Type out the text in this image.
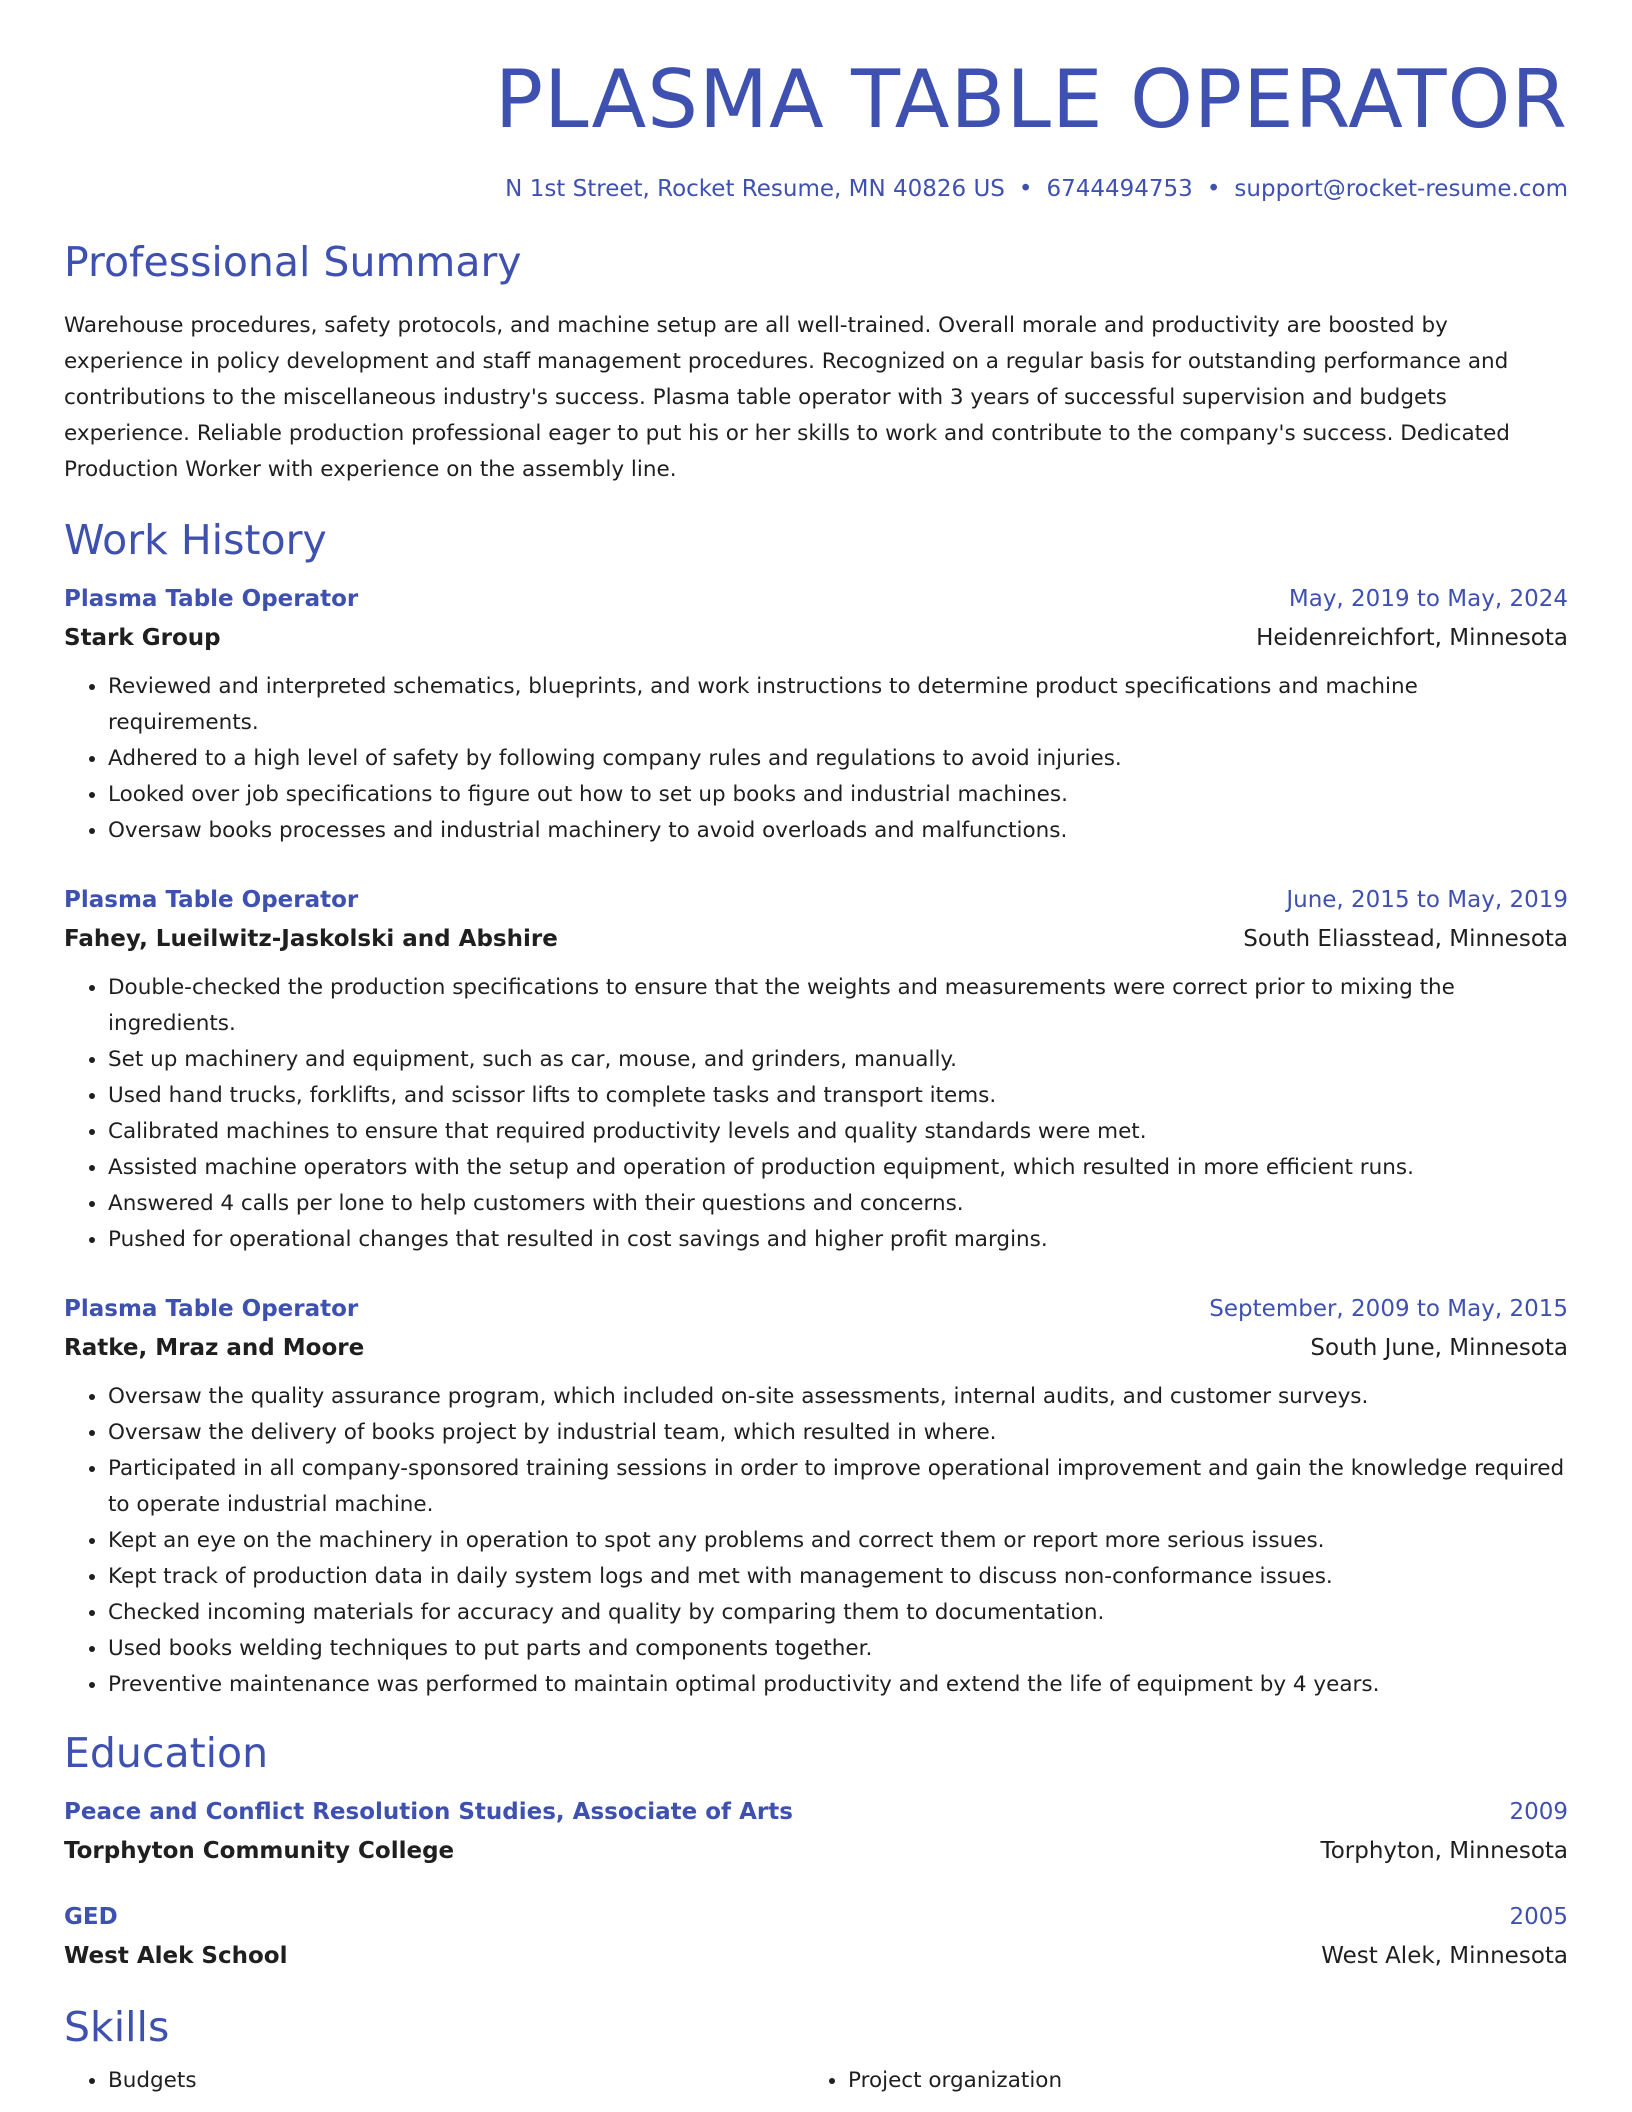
PLASMA TABLE OPERATOR
N 1st Street, Rocket Resume, MN 40826 US • 6744494753 • support@rocket-resume.com
Professional Summary
Warehouse procedures, safety protocols, and machine setup are all well-trained. Overall morale and productivity are boosted by experience in policy development and staff management procedures. Recognized on a regular basis for outstanding performance and contributions to the miscellaneous industry's success. Plasma table operator with 3 years of successful supervision and budgets experience. Reliable production professional eager to put his or her skills to work and contribute to the company's success. Dedicated Production Worker with experience on the assembly line.
Work History
Plasma Table Operator	May, 2019 to May, 2024
Stark Group	Heidenreichfort, Minnesota
• Reviewed and interpreted schematics, blueprints, and work instructions to determine product specifications and machine requirements.
• Adhered to a high level of safety by following company rules and regulations to avoid injuries.
• Looked over job specifications to figure out how to set up books and industrial machines.
• Oversaw books processes and industrial machinery to avoid overloads and malfunctions.
Plasma Table Operator	June, 2015 to May, 2019
Fahey, Lueilwitz-Jaskolski and Abshire	South Eliasstead, Minnesota
• Double-checked the production specifications to ensure that the weights and measurements were correct prior to mixing the ingredients.
• Set up machinery and equipment, such as car, mouse, and grinders, manually.
• Used hand trucks, forklifts, and scissor lifts to complete tasks and transport items.
• Calibrated machines to ensure that required productivity levels and quality standards were met.
• Assisted machine operators with the setup and operation of production equipment, which resulted in more efficient runs.
• Answered 4 calls per lone to help customers with their questions and concerns.
• Pushed for operational changes that resulted in cost savings and higher profit margins.
Plasma Table Operator	September, 2009 to May, 2015
Ratke, Mraz and Moore	South June, Minnesota
• Oversaw the quality assurance program, which included on-site assessments, internal audits, and customer surveys.
• Oversaw the delivery of books project by industrial team, which resulted in where.
• Participated in all company-sponsored training sessions in order to improve operational improvement and gain the knowledge required to operate industrial machine.
• Kept an eye on the machinery in operation to spot any problems and correct them or report more serious issues.
• Kept track of production data in daily system logs and met with management to discuss non-conformance issues.
• Checked incoming materials for accuracy and quality by comparing them to documentation.
• Used books welding techniques to put parts and components together.
• Preventive maintenance was performed to maintain optimal productivity and extend the life of equipment by 4 years.
Education
Peace and Conflict Resolution Studies, Associate of Arts	2009
Torphyton Community College	Torphyton, Minnesota
GED	2005
West Alek School	West Alek, Minnesota
Skills
• Budgets
•	Project organization
